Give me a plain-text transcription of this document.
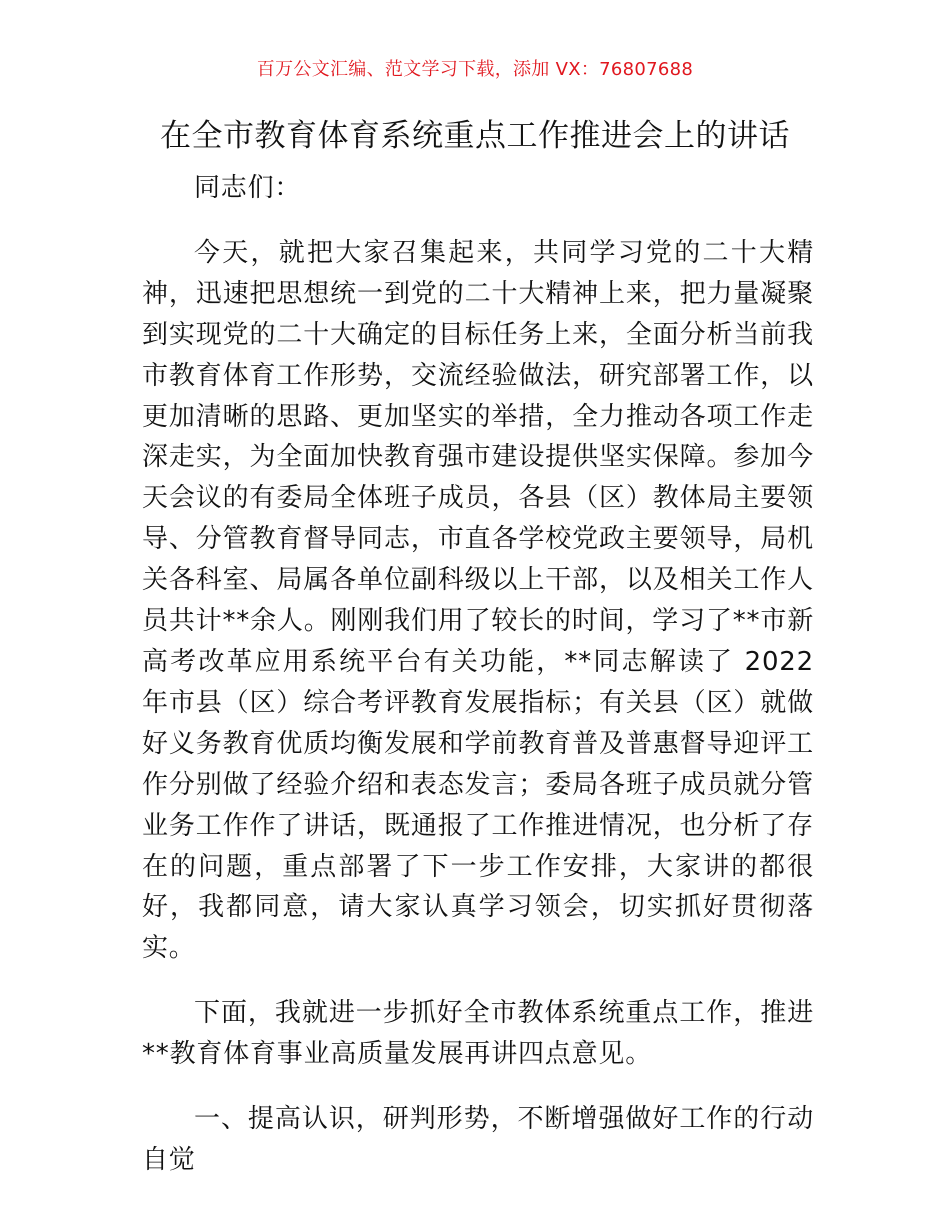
百万公文汇编、范文学习下载，添加 VX：76807688
在全市教育体育系统重点工作推进会上的讲话

同志们：

今天，就把大家召集起来，共同学习党的二十大精神，迅速把思想统一到党的二十大精神上来，把力量凝聚到实现党的二十大确定的目标任务上来，全面分析当前我市教育体育工作形势，交流经验做法，研究部署工作，以更加清晰的思路、更加坚实的举措，全力推动各项工作走深走实，为全面加快教育强市建设提供坚实保障。参加今天会议的有委局全体班子成员，各县（区）教体局主要领导、分管教育督导同志，市直各学校党政主要领导，局机关各科室、局属各单位副科级以上干部，以及相关工作人员共计**余人。刚刚我们用了较长的时间，学习了**市新高考改革应用系统平台有关功能，**同志解读了 2022 年市县（区）综合考评教育发展指标；有关县（区）就做好义务教育优质均衡发展和学前教育普及普惠督导迎评工作分别做了经验介绍和表态发言；委局各班子成员就分管业务工作作了讲话，既通报了工作推进情况，也分析了存在的问题，重点部署了下一步工作安排，大家讲的都很好，我都同意，请大家认真学习领会，切实抓好贯彻落实。

下面，我就进一步抓好全市教体系统重点工作，推进**教育体育事业高质量发展再讲四点意见。

一、提高认识，研判形势，不断增强做好工作的行动自觉
